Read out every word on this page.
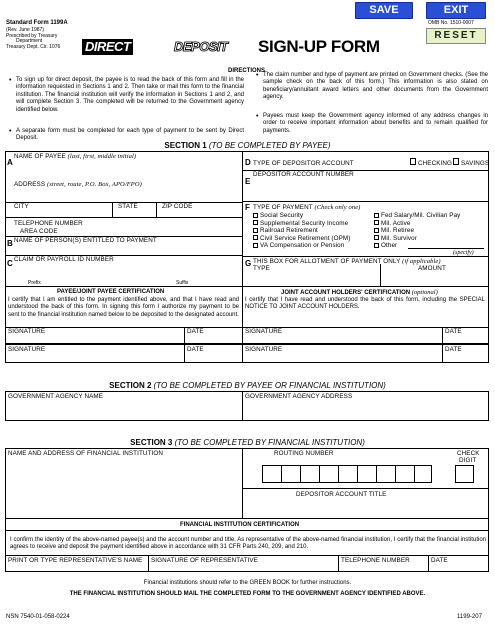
Standard Form 1199A
(Rev. June 1987)
Prescribed by Treasury
Department
Treasury Dept. Cir. 1076
SAVE	EXIT
OMB No. 1510-0007
RESET
DIRECT	DEPOSIT SIGN-UP FORM
DIRECTIONS
• To sign up for direct deposit, the payee is to read the back of this form and fill in the information requested in Sections 1 and 2. Then take or mail this form to the financial institution. The financial institution will verify the information in Sections 1 and 2, and will complete Section 3. The completed will be returned to the Government agency identified below.
• A separate form must be completed for each type of payment to be sent by Direct Deposit.
• The claim number and type of payment are printed on Government checks. (See the sample check on the back of this form.) This information is also stated on beneficiary/annuitant award letters and other documents from the Government agency.
• Payees must keep the Government agency informed of any address changes in order to receive important information about benefits and to remain qualified for payments.
SECTION 1 (TO BE COMPLETED BY PAYEE)
A
NAME OF PAYEE (last, first, middle initial)
ADDRESS (street, route, P.O. Box, APO/FPO)
CITY	STATE	ZIP CODE
TELEPHONE NUMBER
AREA CODE
B NAME OF PERSON(S) ENTITLED TO PAYMENT
C CLAIM OR PAYROLL ID NUMBER
Prefix	Suffix
D TYPE OF DEPOSITOR ACCOUNT	CHECKING SAVINGS
E
DEPOSITOR ACCOUNT NUMBER
F TYPE OF PAYMENT (Check only one)
Social Security
Supplemental Security Income
Railroad Retirement
Civil Service Retirement (OPM)
VA Compensation or Pension
Fed Salary/Mil. Civilian Pay
Mil. Active
Mil. Retiree
Mil. Survivor
Other
(specify)
G THIS BOX FOR ALLOTMENT OF PAYMENT ONLY (if applicable)
TYPE	AMOUNT
PAYEE/JOINT PAYEE CERTIFICATION
I certify that I am entitled to the payment identified above, and that I have read and understood the back of this form. In signing this form I authorize my payment to be sent to the financial institution named below to be deposited to the designated account.
JOINT ACCOUNT HOLDERS' CERTIFICATION (optional)
I certify that I have read and understood the back of this form, including the SPECIAL NOTICE TO JOINT ACCOUNT HOLDERS.
SIGNATURE	DATE	SIGNATURE	DATE
SIGNATURE	DATE	SIGNATURE	DATE
SECTION 2 (TO BE COMPLETED BY PAYEE OR FINANCIAL INSTITUTION)
GOVERNMENT AGENCY NAME	GOVERNMENT AGENCY ADDRESS
SECTION 3 (TO BE COMPLETED BY FINANCIAL INSTITUTION)
NAME AND ADDRESS OF FINANCIAL INSTITUTION	ROUTING NUMBER	CHECK
DIGIT
DEPOSITOR ACCOUNT TITLE
FINANCIAL INSTITUTION CERTIFICATION
I confirm the identity of the above-named payee(s) and the account number and title. As representative of the above-named financial institution, I certify that the financial institution agrees to receive and deposit the payment identified above in accordance with 31 CFR Parts 240, 209, and 210.
PRINT OR TYPE REPRESENTATIVE'S NAME SIGNATURE OF REPRESENTATIVE	TELEPHONE NUMBER	DATE
Financial institutions should refer to the GREEN BOOK for further instructions.
THE FINANCIAL INSTITUTION SHOULD MAIL THE COMPLETED FORM TO THE GOVERNMENT AGENCY IDENTIFIED ABOVE.
NSN 7540-01-058-0224	1199-207
